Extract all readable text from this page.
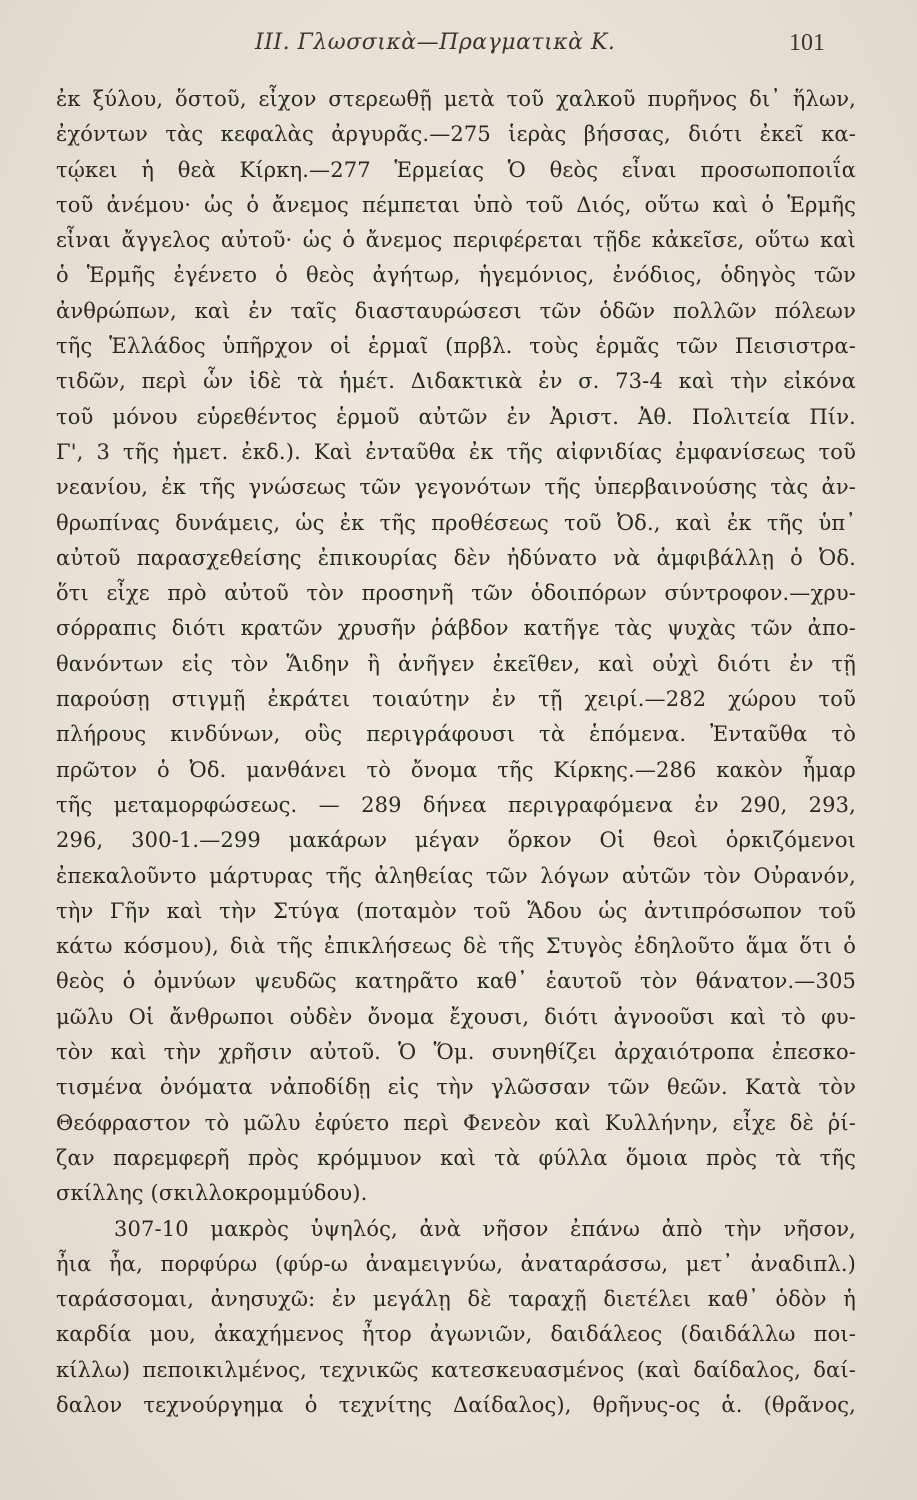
III. Γλωσσικὰ—Πραγματικὰ Κ.	101
ἐκ ξύλου, ὅστοῦ, εἶχον στερεωθῇ μετὰ τοῦ χαλκοῦ πυρῆνος δι᾽ ἥλων,
ἐχόντων τὰς κεφαλὰς ἀργυρᾶς.—275 ἱερὰς βήσσας, διότι ἐκεῖ κα-
τῴκει ἡ θεὰ Κίρκη.—277 Ἑρμείας Ὁ θεὸς εἶναι προσωποποιΐα
τοῦ ἀνέμου· ὡς ὁ ἄνεμος πέμπεται ὑπὸ τοῦ Διός, οὕτω καὶ ὁ Ἑρμῆς
εἶναι ἄγγελος αὐτοῦ· ὡς ὁ ἄνεμος περιφέρεται τῇδε κἀκεῖσε, οὕτω καὶ
ὁ Ἑρμῆς ἐγένετο ὁ θεὸς ἀγήτωρ, ἡγεμόνιος, ἐνόδιος, ὁδηγὸς τῶν
ἀνθρώπων, καὶ ἐν ταῖς διασταυρώσεσι τῶν ὁδῶν πολλῶν πόλεων
τῆς Ἑλλάδος ὑπῆρχον οἱ ἑρμαῖ (πρβλ. τοὺς ἑρμᾶς τῶν Πεισιστρα-
τιδῶν, περὶ ὧν ἰδὲ τὰ ἡμέτ. Διδακτικὰ ἐν σ. 73-4 καὶ τὴν εἰκόνα
τοῦ μόνου εὑρεθέντος ἑρμοῦ αὐτῶν ἐν Ἀριστ. Ἀθ. Πολιτεία Πίν.
Γ', 3 τῆς ἡμετ. ἐκδ.). Καὶ ἐνταῦθα ἐκ τῆς αἰφνιδίας ἐμφανίσεως τοῦ
νεανίου, ἐκ τῆς γνώσεως τῶν γεγονότων τῆς ὑπερβαινούσης τὰς ἀν-
θρωπίνας δυνάμεις, ὡς ἐκ τῆς προθέσεως τοῦ Ὀδ., καὶ ἐκ τῆς ὑπ᾽
αὐτοῦ παρασχεθείσης ἐπικουρίας δὲν ἠδύνατο νὰ ἀμφιβάλλῃ ὁ Ὀδ.
ὅτι εἶχε πρὸ αὐτοῦ τὸν προσηνῆ τῶν ὁδοιπόρων σύντροφον.—χρυ-
σόρραπις διότι κρατῶν χρυσῆν ῥάβδον κατῆγε τὰς ψυχὰς τῶν ἀπο-
θανόντων εἰς τὸν Ἅιδην ἢ ἀνῆγεν ἐκεῖθεν, καὶ οὐχὶ διότι ἐν τῇ
παρούσῃ στιγμῇ ἐκράτει τοιαύτην ἐν τῇ χειρί.—282 χώρου τοῦ
πλήρους κινδύνων, οὓς περιγράφουσι τὰ ἑπόμενα. Ἐνταῦθα τὸ
πρῶτον ὁ Ὀδ. μανθάνει τὸ ὄνομα τῆς Κίρκης.—286 κακὸν ἦμαρ
τῆς μεταμορφώσεως. — 289 δήνεα περιγραφόμενα ἐν 290, 293,
296, 300-1.—299 μακάρων μέγαν ὅρκον Οἱ θεοὶ ὁρκιζόμενοι
ἐπεκαλοῦντο μάρτυρας τῆς ἀληθείας τῶν λόγων αὐτῶν τὸν Οὐρανόν,
τὴν Γῆν καὶ τὴν Στύγα (ποταμὸν τοῦ Ἅδου ὡς ἀντιπρόσωπον τοῦ
κάτω κόσμου), διὰ τῆς ἐπικλήσεως δὲ τῆς Στυγὸς ἐδηλοῦτο ἅμα ὅτι ὁ
θεὸς ὁ ὀμνύων ψευδῶς κατηρᾶτο καθ᾽ ἑαυτοῦ τὸν θάνατον.—305
μῶλυ Οἱ ἄνθρωποι οὐδὲν ὄνομα ἔχουσι, διότι ἀγνοοῦσι καὶ τὸ φυ-
τὸν καὶ τὴν χρῆσιν αὐτοῦ. Ὁ Ὅμ. συνηθίζει ἀρχαιότροπα ἐπεσκο-
τισμένα ὀνόματα νἀποδίδῃ εἰς τὴν γλῶσσαν τῶν θεῶν. Κατὰ τὸν
Θεόφραστον τὸ μῶλυ ἐφύετο περὶ Φενεὸν καὶ Κυλλήνην, εἶχε δὲ ῥί-
ζαν παρεμφερῆ πρὸς κρόμμυον καὶ τὰ φύλλα ὅμοια πρὸς τὰ τῆς
σκίλλης (σκιλλοκρομμύδου).
307-10 μακρὸς ὑψηλός, ἀνὰ νῆσον ἐπάνω ἀπὸ τὴν νῆσον,
ἦια ἦα, πορφύρω (φύρ-ω ἀναμειγνύω, ἀναταράσσω, μετ᾽ ἀναδιπλ.)
ταράσσομαι, ἀνησυχῶ: ἐν μεγάλῃ δὲ ταραχῇ διετέλει καθ᾽ ὁδὸν ἡ
καρδία μου, ἀκαχήμενος ἦτορ ἀγωνιῶν, δαιδάλεος (δαιδάλλω ποι-
κίλλω) πεποικιλμένος, τεχνικῶς κατεσκευασμένος (καὶ δαίδαλος, δαί-
δαλον τεχνούργημα ὁ τεχνίτης Δαίδαλος), θρῆνυς-ος ἁ. (θρᾶνος,
